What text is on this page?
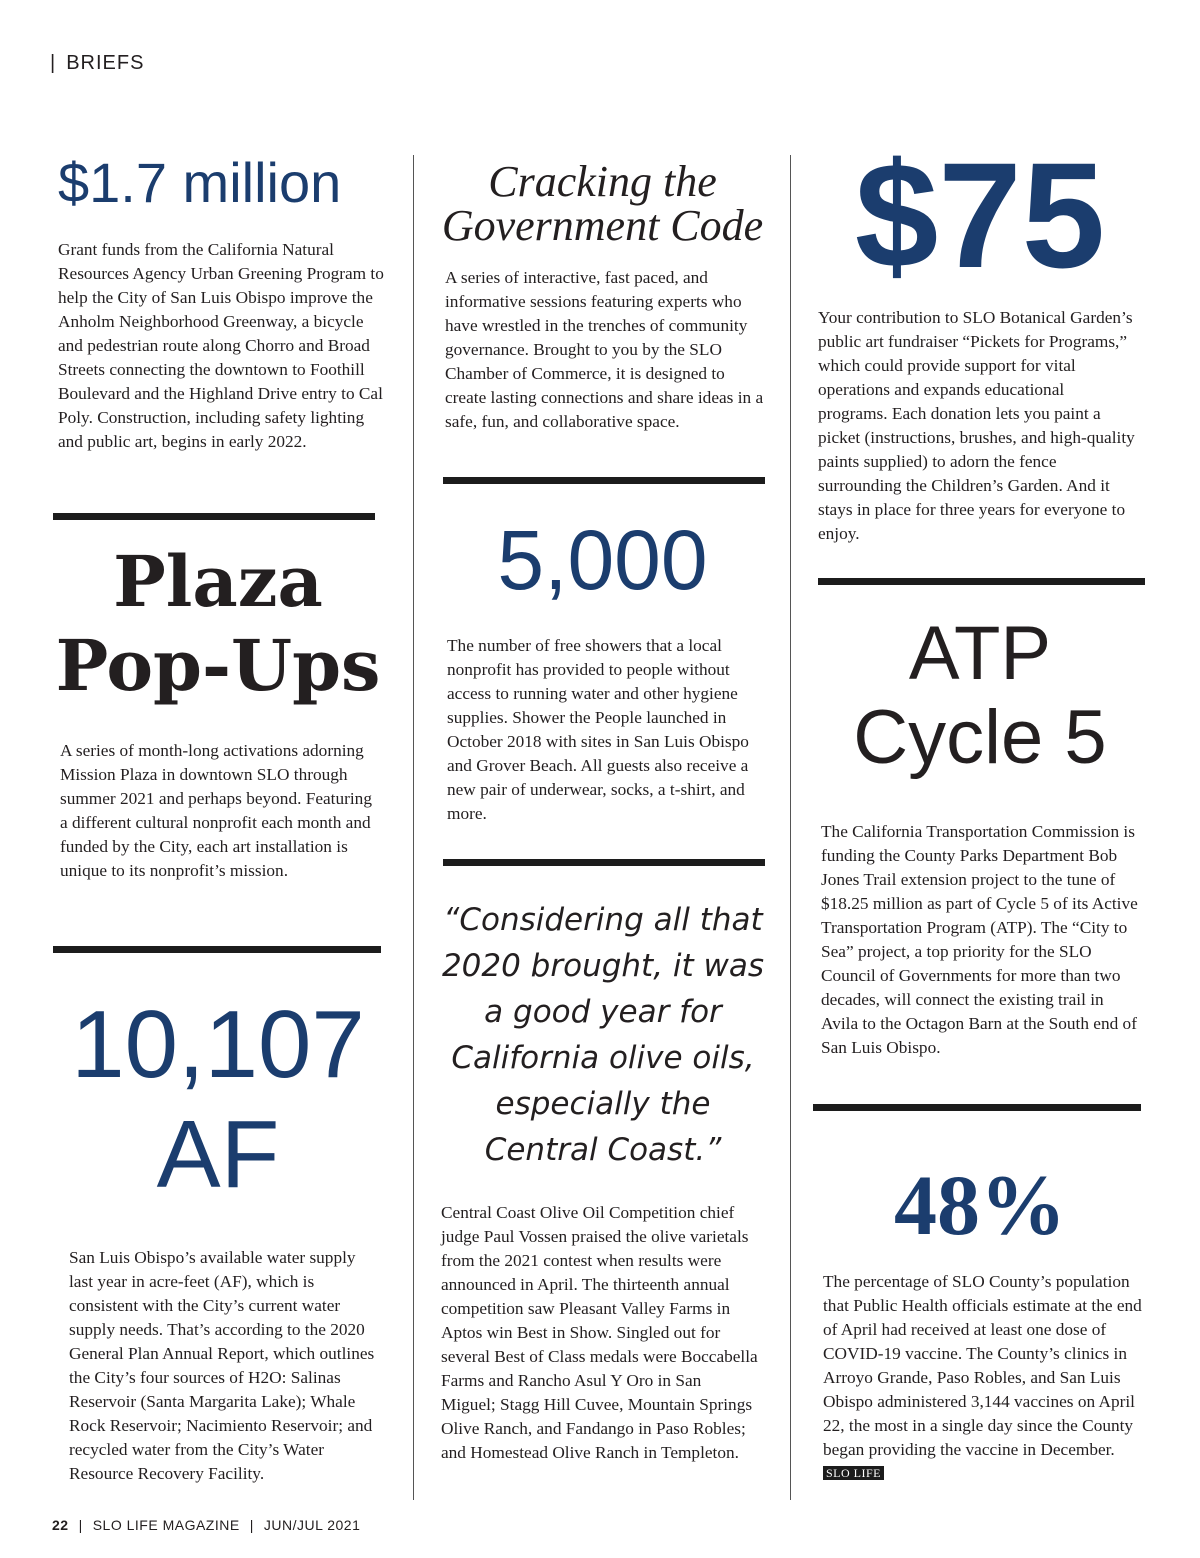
| BRIEFS

$1.7 million

Grant funds from the California Natural Resources Agency Urban Greening Program to help the City of San Luis Obispo improve the Anholm Neighborhood Greenway, a bicycle and pedestrian route along Chorro and Broad Streets connecting the downtown to Foothill Boulevard and the Highland Drive entry to Cal Poly. Construction, including safety lighting and public art, begins in early 2022.

Plaza

Pop-Ups

A series of month-long activations adorning Mission Plaza in downtown SLO through summer 2021 and perhaps beyond. Featuring a different cultural nonprofit each month and funded by the City, each art installation is unique to its nonprofit’s mission.

10,107

AF

San Luis Obispo’s available water supply last year in acre-feet (AF), which is consistent with the City’s current water supply needs. That’s according to the 2020 General Plan Annual Report, which outlines the City’s four sources of H2O: Salinas Reservoir (Santa Margarita Lake); Whale Rock Reservoir; Nacimiento Reservoir; and recycled water from the City’s Water Resource Recovery Facility.

Cracking the

Government Code

A series of interactive, fast paced, and informative sessions featuring experts who have wrestled in the trenches of community governance. Brought to you by the SLO Chamber of Commerce, it is designed to create lasting connections and share ideas in a safe, fun, and collaborative space.

5,000

The number of free showers that a local nonprofit has provided to people without access to running water and other hygiene supplies. Shower the People launched in October 2018 with sites in San Luis Obispo and Grover Beach. All guests also receive a new pair of underwear, socks, a t-shirt, and more.

“Considering all that 2020 brought, it was a good year for California olive oils, especially the Central Coast.”

Central Coast Olive Oil Competition chief judge Paul Vossen praised the olive varietals from the 2021 contest when results were announced in April. The thirteenth annual competition saw Pleasant Valley Farms in Aptos win Best in Show. Singled out for several Best of Class medals were Boccabella Farms and Rancho Asul Y Oro in San Miguel; Stagg Hill Cuvee, Mountain Springs Olive Ranch, and Fandango in Paso Robles; and Homestead Olive Ranch in Templeton.

$75

Your contribution to SLO Botanical Garden’s public art fundraiser “Pickets for Programs,” which could provide support for vital operations and expands educational programs. Each donation lets you paint a picket (instructions, brushes, and high-quality paints supplied) to adorn the fence surrounding the Children’s Garden. And it stays in place for three years for everyone to enjoy.

ATP

Cycle 5

The California Transportation Commission is funding the County Parks Department Bob Jones Trail extension project to the tune of $18.25 million as part of Cycle 5 of its Active Transportation Program (ATP). The “City to Sea” project, a top priority for the SLO Council of Governments for more than two decades, will connect the existing trail in Avila to the Octagon Barn at the South end of San Luis Obispo.

48%

The percentage of SLO County’s population that Public Health officials estimate at the end of April had received at least one dose of COVID-19 vaccine. The County’s clinics in Arroyo Grande, Paso Robles, and San Luis Obispo administered 3,144 vaccines on April 22, the most in a single day since the County began providing the vaccine in December. SLO LIFE

22 | SLO LIFE MAGAZINE | JUN/JUL 2021
